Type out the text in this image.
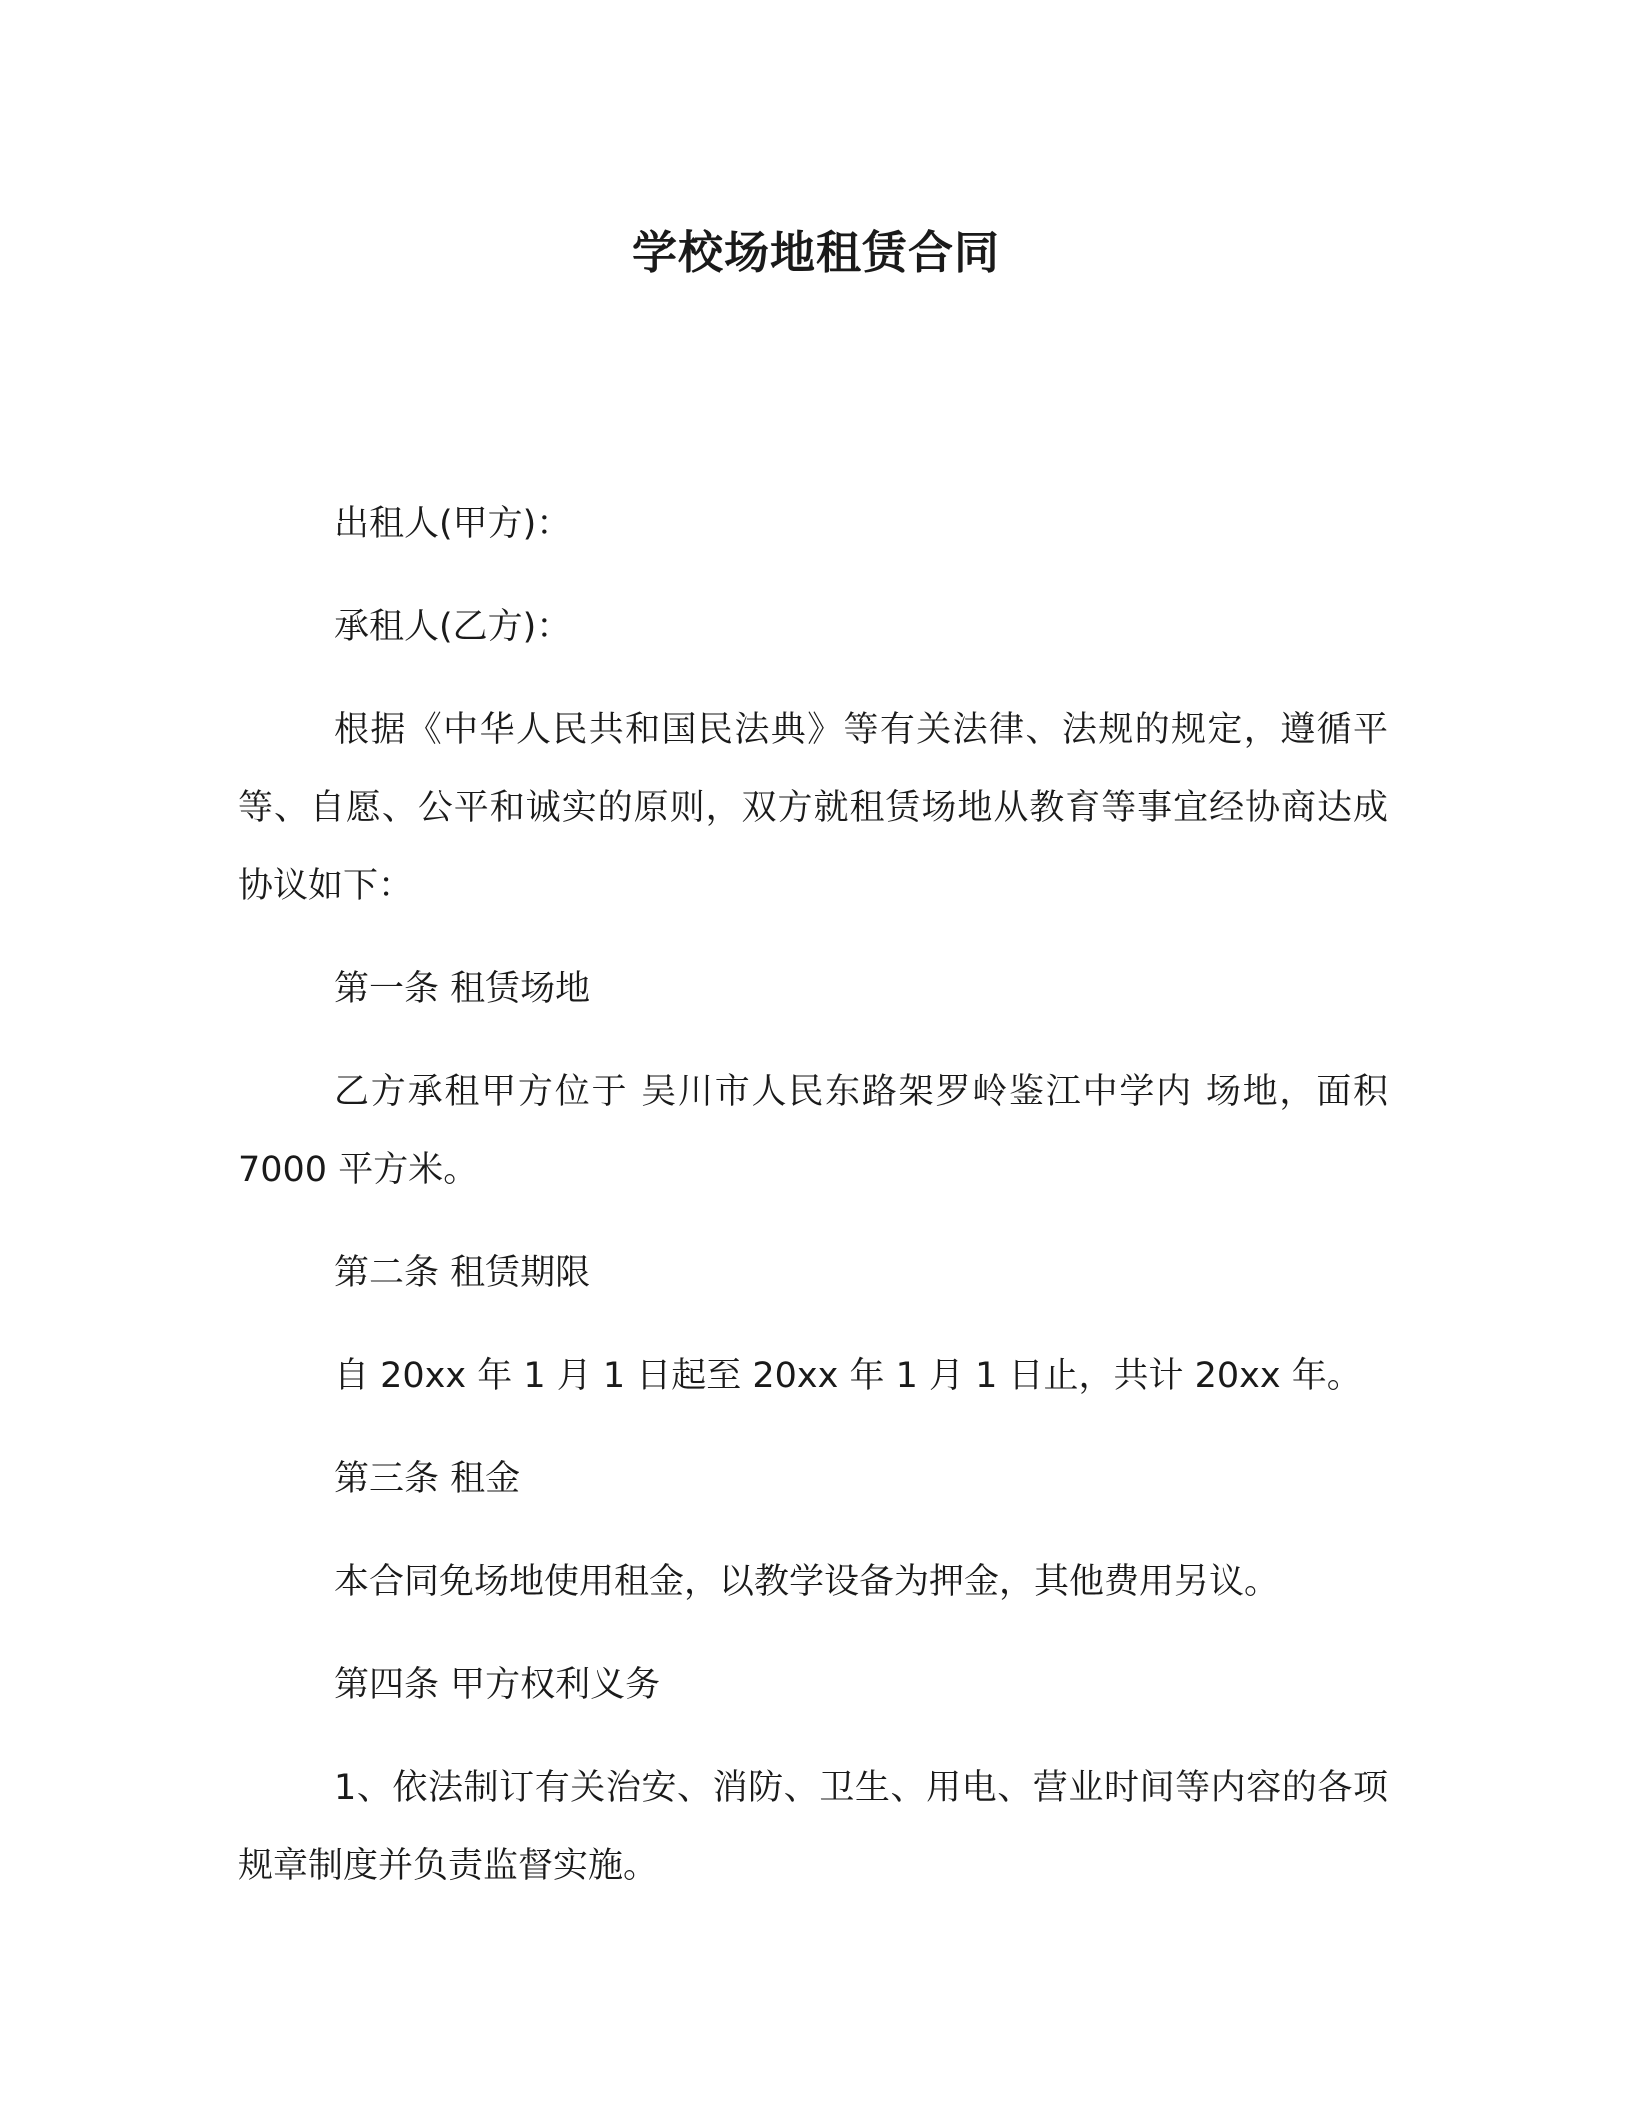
学校场地租赁合同

出租人(甲方)：

承租人(乙方)：

根据《中华人民共和国民法典》等有关法律、法规的规定，遵循平等、自愿、公平和诚实的原则，双方就租赁场地从教育等事宜经协商达成协议如下：

第一条 租赁场地

乙方承租甲方位于 吴川市人民东路架罗岭鉴江中学内 场地，面积 7000 平方米。

第二条 租赁期限

自 20xx 年 1 月 1 日起至 20xx 年 1 月 1 日止，共计 20xx 年。

第三条 租金

本合同免场地使用租金，以教学设备为押金，其他费用另议。

第四条 甲方权利义务

1、依法制订有关治安、消防、卫生、用电、营业时间等内容的各项规章制度并负责监督实施。
